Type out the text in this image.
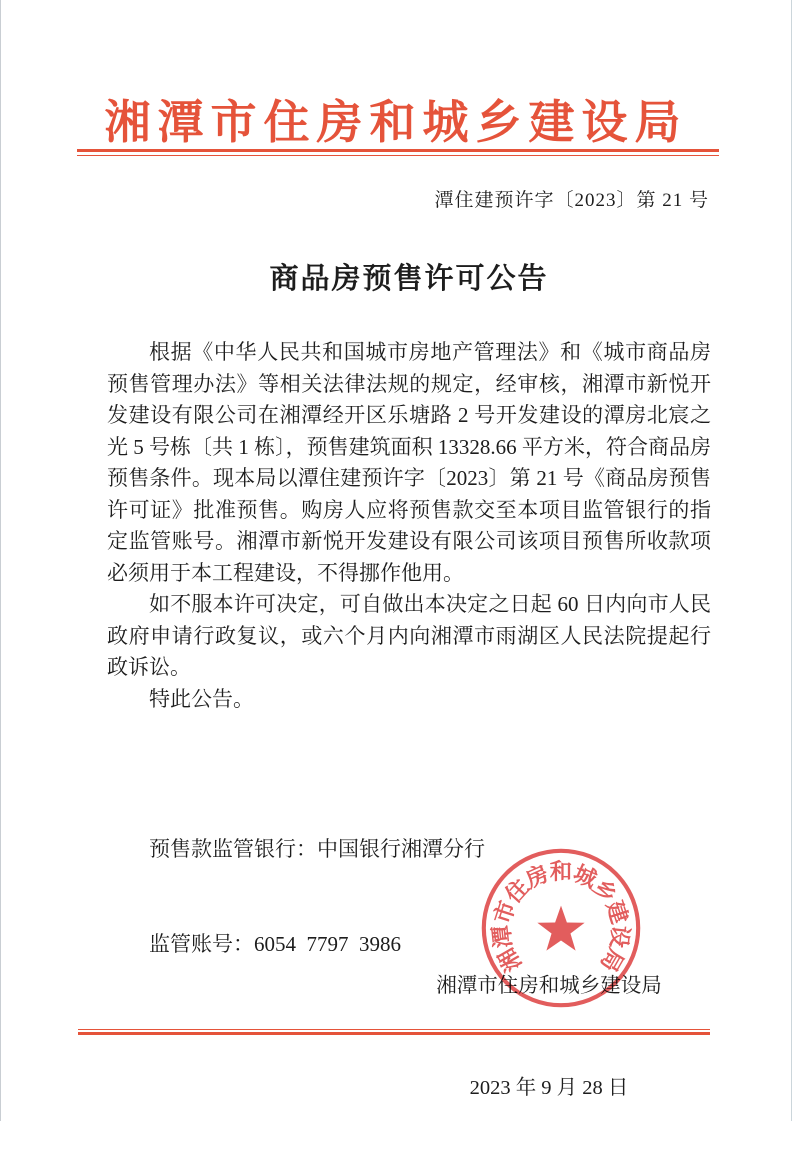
湘潭市住房和城乡建设局
潭住建预许字〔2023〕第 21 号
商品房预售许可公告

根据《中华人民共和国城市房地产管理法》和《城市商品房预售管理办法》等相关法律法规的规定，经审核，湘潭市新悦开发建设有限公司在湘潭经开区乐塘路 2 号开发建设的潭房北宸之光 5 号栋〔共 1 栋〕，预售建筑面积 13328.66 平方米，符合商品房预售条件。现本局以潭住建预许字〔2023〕第 21 号《商品房预售许可证》批准预售。购房人应将预售款交至本项目监管银行的指定监管账号。湘潭市新悦开发建设有限公司该项目预售所收款项必须用于本工程建设，不得挪作他用。

如不服本许可决定，可自做出本决定之日起 60 日内向市人民政府申请行政复议，或六个月内向湘潭市雨湖区人民法院提起行政诉讼。

特此公告。

预售款监管银行：中国银行湘潭分行

监管账号：6054  7797  3986

湘潭市住房和城乡建设局

2023 年 9 月 28 日

湘
潭
市
住
房
和
城
乡
建
设
局
